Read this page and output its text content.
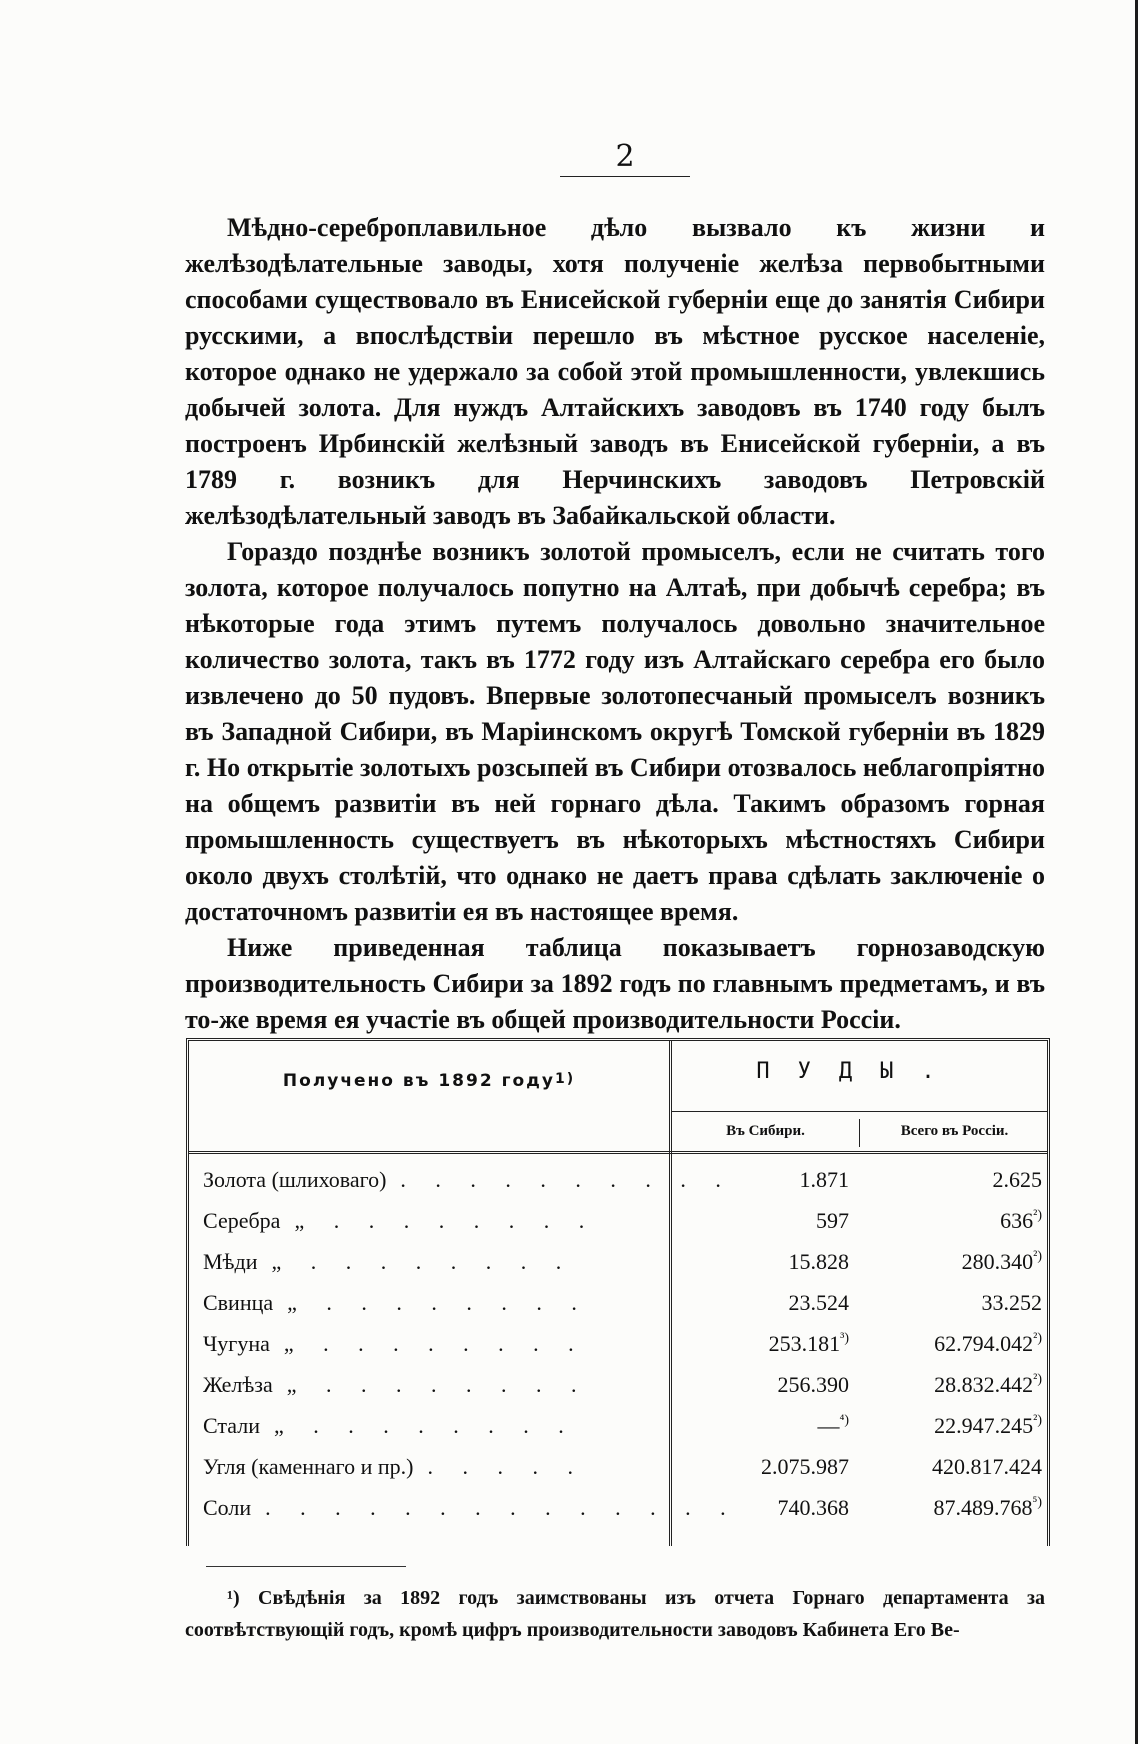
2

Мѣдно-сереброплавильное дѣло вызвало къ жизни и желѣзодѣлательные заводы, хотя полученіе желѣза первобытными способами существовало въ Енисейской губерніи еще до занятія Сибири русскими, а впослѣдствіи перешло въ мѣстное русское населеніе, которое однако не удержало за собой этой промышленности, увлекшись добычей золота. Для нуждъ Алтайскихъ заводовъ въ 1740 году былъ построенъ Ирбинскій желѣзный заводъ въ Енисейской губерніи, а въ 1789 г. возникъ для Нерчинскихъ заводовъ Петровскій желѣзодѣлательный заводъ въ Забайкальской области.

Гораздо позднѣе возникъ золотой промыселъ, если не считать того золота, которое получалось попутно на Алтаѣ, при добычѣ серебра; въ нѣкоторые года этимъ путемъ получалось довольно значительное количество золота, такъ въ 1772 году изъ Алтайскаго серебра его было извлечено до 50 пудовъ. Впервые золотопесчаный промыселъ возникъ въ Западной Сибири, въ Маріинскомъ округѣ Томской губерніи въ 1829 г. Но открытіе золотыхъ розсыпей въ Сибири отозвалось неблагопріятно на общемъ развитіи въ ней горнаго дѣла. Такимъ образомъ горная промышленность существуетъ въ нѣкоторыхъ мѣстностяхъ Сибири около двухъ столѣтій, что однако не даетъ права сдѣлать заключеніе о достаточномъ развитіи ея въ настоящее время.

Ниже приведенная таблица показываетъ горнозаводскую производительность Сибири за 1892 годъ по главнымъ предметамъ, и въ то-же время ея участіе въ общей производительности Россіи.

Получено въ 1892 году$^{1)}$	ПУДЫ.
Въ Сибири.	Всего въ Россіи.
Золота (шлиховаго) . . . . . . . . . .	1.871	2.625
Серебра „ . . . . . . . .	597	636$^{^2)}$
Мѣди „ . . . . . . . .	15.828	280.340$^{^2)}$
Свинца „ . . . . . . . .	23.524	33.252
Чугуна „ . . . . . . . .	253.181$^{^3)}$	62.794.042$^{^2)}$
Желѣза „ . . . . . . . .	256.390	28.832.442$^{^2)}$
Стали „ . . . . . . . .	—$^{^4)}$	22.947.245$^{^2)}$
Угля (каменнаго и пр.) . . . . .	2.075.987	420.817.424
Соли . . . . . . . . . . . . . .	740.368	87.489.768$^{^5)}$

¹) Свѣдѣнія за 1892 годъ заимствованы изъ отчета Горнаго департамента за соотвѣтствующій годъ, кромѣ цифръ производительности заводовъ Кабинета Его Ве-
